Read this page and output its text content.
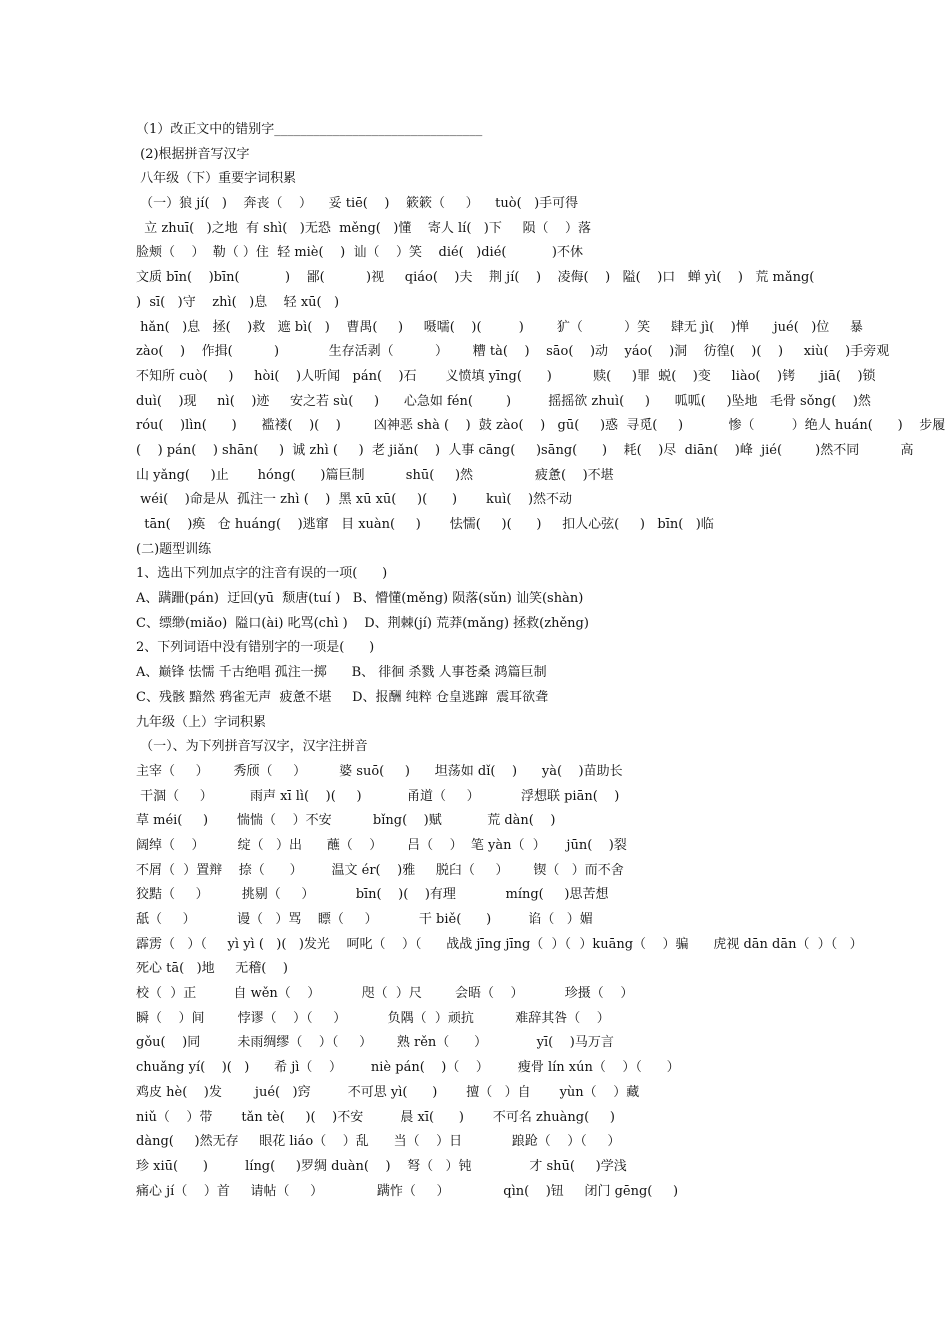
（1）改正文中的错别字________________________________
(2)根据拼音写汉字
八年级（下）重要字词积累
（一）狼 jí(   )    奔丧（    ）    妥 tiē(    )    簌簌（     ）    tuò(   )手可得
立 zhuī(   )之地  有 shì(   )无恐  měng(   )懂    寄人 lí(   )下     陨（    ）落
脸颊（    ）  勒（ ）住  轻 miè(    )  讪（    ）笑    dié(   )dié(           )不休
文质 bīn(    )bīn(           )    鄙(          )视     qiáo(    )夫    荆 jí(    )    凌侮(    )   隘(    )口   蝉 yì(    )   荒 mǎng(
)  sī(   )守    zhì(   )息    轻 xū(   )
hǎn(   )息   拯(    )救   遮 bì(   )    曹禺(     )     嗫嚅(    )(         )        犷（          ）笑     肆无 jì(    )惮      jué(   )位     暴
zào(    )    作揖(          )            生存活剥（          ）      糟 tà(    )    sāo(    )动    yáo(    )洞    彷徨(    )(    )     xiù(    )手旁观
不知所 cuò(     )     hòi(    )人听闻   pán(    )石       义愤填 yīng(      )          赎(     )罪  蜕(    )变     liào(    )铐      jiā(    )锁
duì(    )现     nì(    )迹     安之若 sù(     )      心急如 fén(        )         摇摇欲 zhuì(     )      呱呱(     )坠地   毛骨 sǒng(    )然
róu(    )lìn(      )      褴褛(    )(    )        凶神恶 shà (    )  鼓 zào(    )   gū(     )惑  寻觅(     )           惨（         ）绝人 huán(      )    步履
(    ) pán(    ) shān(     )  诚 zhì (     )  老 jiǎn(    )  人事 cāng(     )sāng(      )    耗(    )尽  diān(    )峰  jié(        )然不同          高
山 yǎng(     )止       hóng(      )篇巨制          shū(     )然               疲惫(    )不堪
wéi(    )命是从  孤注一 zhì (    )  黑 xū xū(     )(      )       kuì(    )然不动
tān(    )痪   仓 huáng(    )逃窜   目 xuàn(     )       怯懦(     )(      )     扣人心弦(     )   bīn(   )临
(二)题型训练
1、选出下列加点字的注音有误的一项(      )
A、蹒跚(pán)  迂回(yū  颓唐(tuí )   B、懵懂(měng) 陨落(sǔn) 讪笑(shàn)
C、缥缈(miǎo)  隘口(ài) 叱骂(chì )    D、荆棘(jí) 荒莽(mǎng) 拯救(zhěng)
2、下列词语中没有错别字的一项是(      )
A、巅锋 怯懦 千古绝唱 孤注一掷      B、 徘徊 杀戮 人事苍桑 鸿篇巨制
C、残骸 黯然 鸦雀无声  疲惫不堪     D、报酬 纯粹 仓皇逃蹿  震耳欲聋
九年级（上）字词积累
（一）、为下列拼音写汉字，汉字注拼音
主宰（     ）      秀颀（     ）        婆 suō(     )      坦荡如 dǐ(    )      yà(    )苗助长
干涸（     ）         雨声 xī lì(    )(     )           甬道（     ）          浮想联 piān(    )
草 méi(     )       惴惴（    ）不安          bǐng(    )赋           荒 dàn(    )
阔绰（    ）        绽（   ）出      蘸（    ）      吕（    ）  笔 yàn（  ）     jūn(    )裂
不屑（  ）置辩    捺（      ）       温文 ér(    )雅     脱臼（     ）      锲（   ）而不舍
狡黠（     ）        挑剔（     ）          bīn(    )(    )有理            míng(     )思苦想
舐（     ）          谩（   ）骂    瞟（     ）          干 biě(      )         谄（   ）媚
霹雳（   ）（     yì yì (   )(   )发光    呵叱（    ）（      战战 jīng jīng（  ）（  ）kuāng（    ）骗      虎视 dān dān（  ）（   ）
死心 tā(   )地     无稽(    )
校（  ）正         自 wěn（    ）          咫（  ）尺        会晤（    ）          珍摄（    ）
瞬（    ）间        悖谬（    ）（     ）          负隅（  ）顽抗          难辞其咎（    ）
gǒu(    )同         未雨绸缪（    ）（     ）      熟 rěn（      ）            yī(    )马万言
chuǎng yí(    )(   )      希 jì（    ）       niè pán(    )（    ）       瘦骨 lín xún（    ）（      ）
鸡皮 hè(    )发        jué(   )窍         不可思 yì(      )       擅（   ）自       yùn（    ）藏
niǔ（    ）带       tǎn tè(     )(    )不安         晨 xī(      )       不可名 zhuàng(     )
dàng(     )然无存     眼花 liáo（    ）乱      当（    ）日            踉跄（    ）（     ）
珍 xiū(      )         líng(     )罗绸 duàn(    )    弩（   ）钝              才 shū(     )学浅
痛心 jí（    ）首     请帖（     ）             蹒怍（     ）             qìn(    )钮     闭门 gēng(     )
